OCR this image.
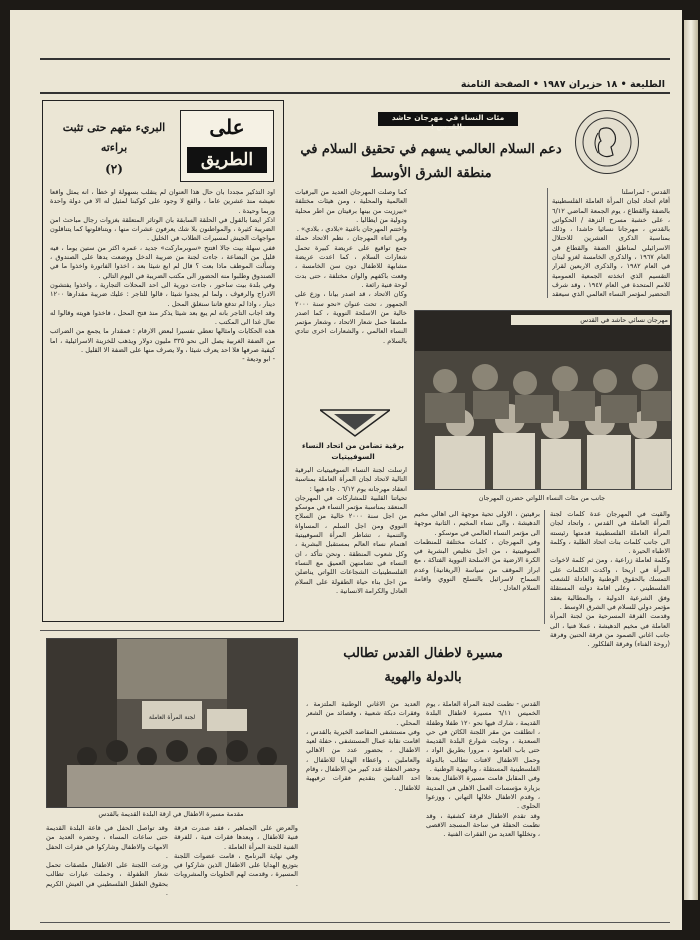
الطليعة • ١٨ حزيران ١٩٨٧ • الصفحة الثامنة
على
الطريق
البريء متهم حتى تثبت براءته
(٢)
اود التذكير مجددا بان حال هذا العنوان لم ينقلب بسهولة او خطأ ، انه يمثل واقعا نعيشه منذ عشرين عاما ، والقع لا وجود على كوكبنا لمثيل له الا في دولة واحدة وربما وحيدة .
اذكر ايضا بالقول في الحلقة السابقة بان الوتائر المتعلقة بغزوات رجال مباحث امن الضريبة كثيرة ، والمواطنون بلا شك يعرفون عشرات منها ، ويتناقلونها كما يتناقلون مواجهات الجيش لمسيرات الطلاب في الخليل .
ففي سهلة بيت جالا افتتح «سوبرماركت» جديد ، عمره اكثر من ستين يوما ، فيه قليل من البضاعة ، جاءت لجنة من ضريبة الدخل ووضعت يدها على الصندوق ، وسألت الموظف ماذا بعت ؟ قال لم ابع شيئا بعد ، اخذوا الفاتورة واخذوا ما في الصندوق وطلبوا منه الحضور الى مكتب الضريبة في اليوم التالي .
وفي بلدة بيت ساحور ، جاءت دورية الى احد المحلات التجارية ، واخذوا يفتشون الادراج والرفوف ، ولما لم يجدوا شيئا ، قالوا للتاجر : عليك ضريبة مقدارها ١٢٠٠ دينار ، واذا لم تدفع فاننا سنغلق المحل .
وقد اجاب التاجر بانه لم يبع بعد شيئا يذكر منذ فتح المحل ، فاخذوا هويته وقالوا له تعال غدا الى المكتب .
هذه الحكايات وامثالها تعطي تفسيرا لبعض الارقام : فمقدار ما يجمع من الضرائب من الضفة الغربية يصل الى نحو ٣٣٥ مليون دولار ويذهب للخزينة الاسرائيلية ، اما كيفية صرفها فلا احد يعرف شيئا ، ولا يصرف منها على الضفة الا القليل .
- ابو وديعة -
مئات النساء في مهرجان حاشد بالقدس :
دعم السلام العالمي يسهم في تحقيق السلام في منطقة الشرق الأوسط
القدس - لمراسلنا
أقام اتحاد لجان المرأة العاملة الفلسطينية بالضفة والقطاع ، يوم الجمعة الماضي ٦/١٢ ، على خشبة مسرح النزهة / الحكواتي بالقدس ، مهرجانا نسائيا حاشدا ، وذلك بمناسبة الذكرى العشرين للاحتلال الاسرائيلي لمناطق الضفة والقطاع في العام ١٩٦٧ ، والذكرى الخامسة لغزو لبنان في العام ١٩٨٢ ، والذكرى الاربعين لقرار التقسيم الذي اتخذته الجمعية العمومية للامم المتحدة في العام ١٩٤٧ ، وقد شرف التحضير لمؤتمر النساء العالمي الذي سيعقد
كما وصلت المهرجان العديد من البرقيات العالمية والمحلية ، ومن هيئات مختلفة «بيرزيت من بينها برقيتان من اطر محلية ودولية من ايطاليا .
واختتم المهرجان باغنية «بلادي ، بلادي» .
وفي اثناء المهرجان ، نظم الاتحاد حملة جمع تواقيع على عريضة كبيرة تحمل شعارات السلام ، كما اعدت عريضة مشابهة للاطفال دون سن الخامسة ، وقعت باكفهم والوان مختلفة ، حتى بدت لوحة فنية رائعة .
وكان الاتحاد ، قد اصدر بيانا ، وزع على الجمهور ، تحت عنوان «نحو سنة ٢٠٠٠ خالية من الاسلحة النووية ، كما اصدر ملصقا حمل شعار الاتحاد ، وشعار مؤتمر النساء العالمي ، والشعارات اخرى تنادي بالسلام .
مهرجان نسائي حاشد في القدس
جانب من مئات النساء اللواتي حضرن المهرجان
برقية تضامن من اتحاد النساء السوفييتيات
ارسلت لجنة النساء السوفييتيات البرقية التالية لاتحاد لجان المرأة العاملة بمناسبة انعقاد مهرجانه يوم ٦/١٢ . جاء فيها :
تحياتنا القلبية للمشاركات في المهرجان المنعقد بمناسبة مؤتمر النساء في موسكو من اجل سنة ٢٠٠٠ خالية من السلاح النووي ومن اجل السلم ، المساواة والتنمية ، تشاطر المرأة السوفييتية اهتمام نساء العالم بمستقبل البشرية ، وكل شعوب المنطقة . ونحن نتأكد ، ان النساء في تضامنهن العميق مع النساء الفلسطينيات الشجاعات اللواتي يناضلن من اجل بناء حياة الطفولة على السلام العادل والكرامة الانسانية .
برقيتين ، الاولى تحية موجهة الى اهالي مخيم الدهيشة ، والى نساء المخيم ، الثانية موجهة الى مؤتمر النساء العالمي في موسكو .
وفي المهرجان ، كلمات مختلفة للمنظمات السوفييتية ، من اجل تخليص البشرية في الكرة الارضية من الاسلحة النووية الفتاكة ، مع ابراز الموقف من سياسة (الريغانية) وعدم السماح لاسرائيل بالتسلح النووي واقامة السلام العادل .
والقيت في المهرجان عدة كلمات لجنة المرأة العاملة في القدس ، واتحاد لجان المرأة العاملة الفلسطينية قدمتها رئيسته الى جانب كلمات بنات اتحاد الطلبة ، وكلمة الاطباء الحيرة .
وكلمة لعاملة زراعية ، ومن ثم كلمة لاخوات المرأة في اريحا ، واكدت الكلمات على التمسك بالحقوق الوطنية والعادلة للشعب الفلسطيني ، وعلى اقامة دولته المستقلة وفق الشرعية الدولية ، والمطالبة بعقد مؤتمر دولي للسلام في الشرق الاوسط .
وقدمت الفرقة المسرحية من لجنة المرأة العاملة في مخيم الدهيشة ، عملا فنيا ، الى جانب اغاني الصمود من فرقة الحنين وفرقة (روحة الفناء) وفرقة الفلكلور .
مسيرة لاطفال القدس تطالب
بالدولة والهوية
لجنة المرأة العاملة
مقدمة مسيرة الاطفال في ازقة البلدة القديمة بالقدس
القدس - نظمت لجنة المرأة العاملة ، يوم الخميس ٦/١١ مسيرة لاطفال البلدة القديمة ، شارك فيها نحو ١٢٠ طفلا وطفلة ، انطلقت من مقر اللجنة الكائن في حي السعدية ، وجابت شوارع البلدة القديمة حتى باب العامود ، مرورا بطريق الواد ، وحمل الاطفال لافتات تطالب بالدولة الفلسطينية المستقلة ، وبالهوية الوطنية .
وفي المقابل قامت مسيرة الاطفال بعدها بزيارة مؤسسات العمل الاهلي في المدينة ، وقدم الاطفال خلالها التهاني ، ووزعوا الحلوى .
وقد تقدم الاطفال فرقة كشفية ، وقد نظمت الحفلة في ساحة المسجد الاقصى ، وتخللها العديد من الفقرات الفنية .
العديد من الاغاني الوطنية الملتزمة ، وفقرات دبكة شعبية ، وقصائد من الشعر المحلي .
وفي مستشفى المقاصد الخيرية بالقدس ، اقامت نقابة عمال المستشفى ، حفلة لعيد الاطفال ، بحضور عدد من الاهالي والعاملين ، واعطاء الهدايا للاطفال ، وحضر الحفلة عدد كبير من الاطفال ، وقام احد الفنانين بتقديم فقرات ترفيهية للاطفال .
والعرض على الجماهير ، فقد صدرت فرقة فنية للاطفال ، وبعدها فقرات فنية ، للفرقة الفنية للجنة المرأة العاملة .
وفي نهاية البرنامج ، قامت عضوات اللجنة بتوزيع الهدايا على الاطفال الذين شاركوا في المسيرة ، وقدمت لهم الحلويات والمشروبات .
وقد تواصل الحفل في قاعة البلدة القديمة حتى ساعات المساء ، وحضره العديد من الامهات والاطفال وشاركوا في فقرات الحفل .
وزعت اللجنة على الاطفال ملصقات تحمل شعار الطفولة ، وحملت عبارات تطالب بحقوق الطفل الفلسطيني في العيش الكريم .
